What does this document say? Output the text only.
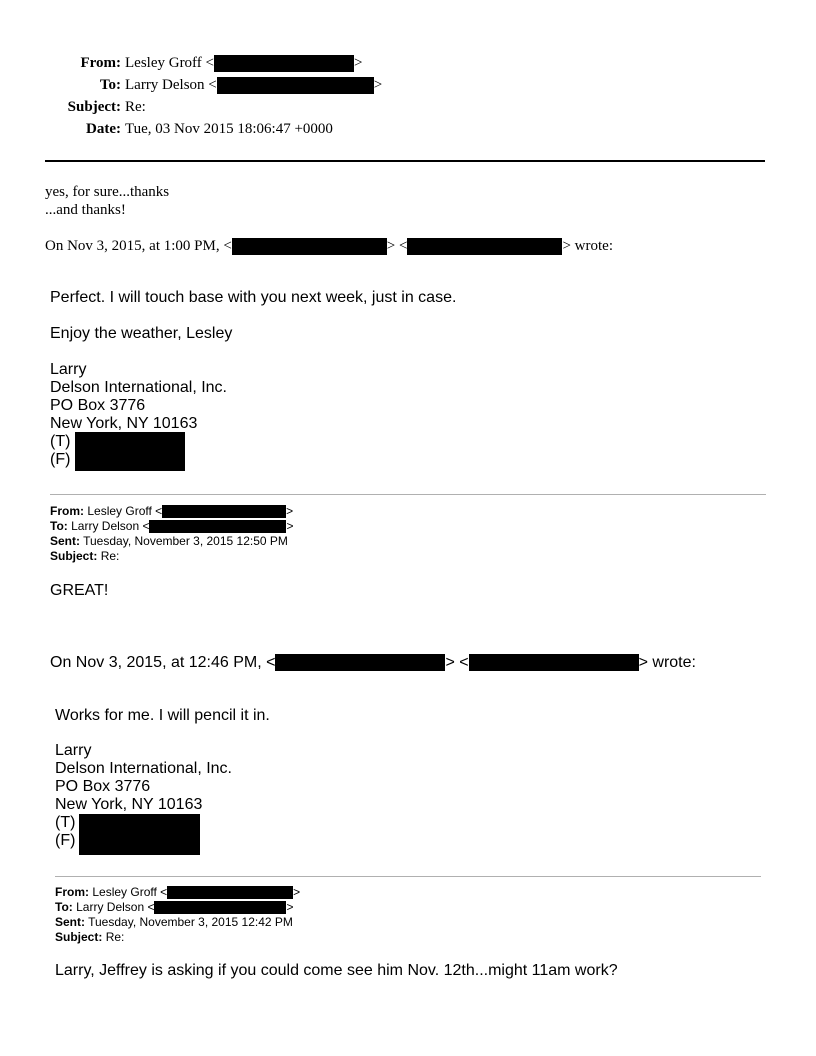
From: Lesley Groff <	>
To: Larry Delson <	>
Subject: Re:
Date: Tue, 03 Nov 2015 18:06:47 +0000
yes, for sure...thanks
...and thanks!
On Nov 3, 2015, at 1:00 PM, <	> <	> wrote:
Perfect. I will touch base with you next week, just in case.
Enjoy the weather, Lesley
Larry
Delson International, Inc.
PO Box 3776
New York, NY 10163
(T)
(F)
From: Lesley Groff <	>
To: Larry Delson <	>
Sent: Tuesday, November 3, 2015 12:50 PM
Subject: Re:
GREAT!
On Nov 3, 2015, at 12:46 PM, <	> <	> wrote:
Works for me. I will pencil it in.
Larry
Delson International, Inc.
PO Box 3776
New York, NY 10163
(T)
(F)
From: Lesley Groff <	>
To: Larry Delson <	>
Sent: Tuesday, November 3, 2015 12:42 PM
Subject: Re:
Larry, Jeffrey is asking if you could come see him Nov. 12th...might 11am work?
